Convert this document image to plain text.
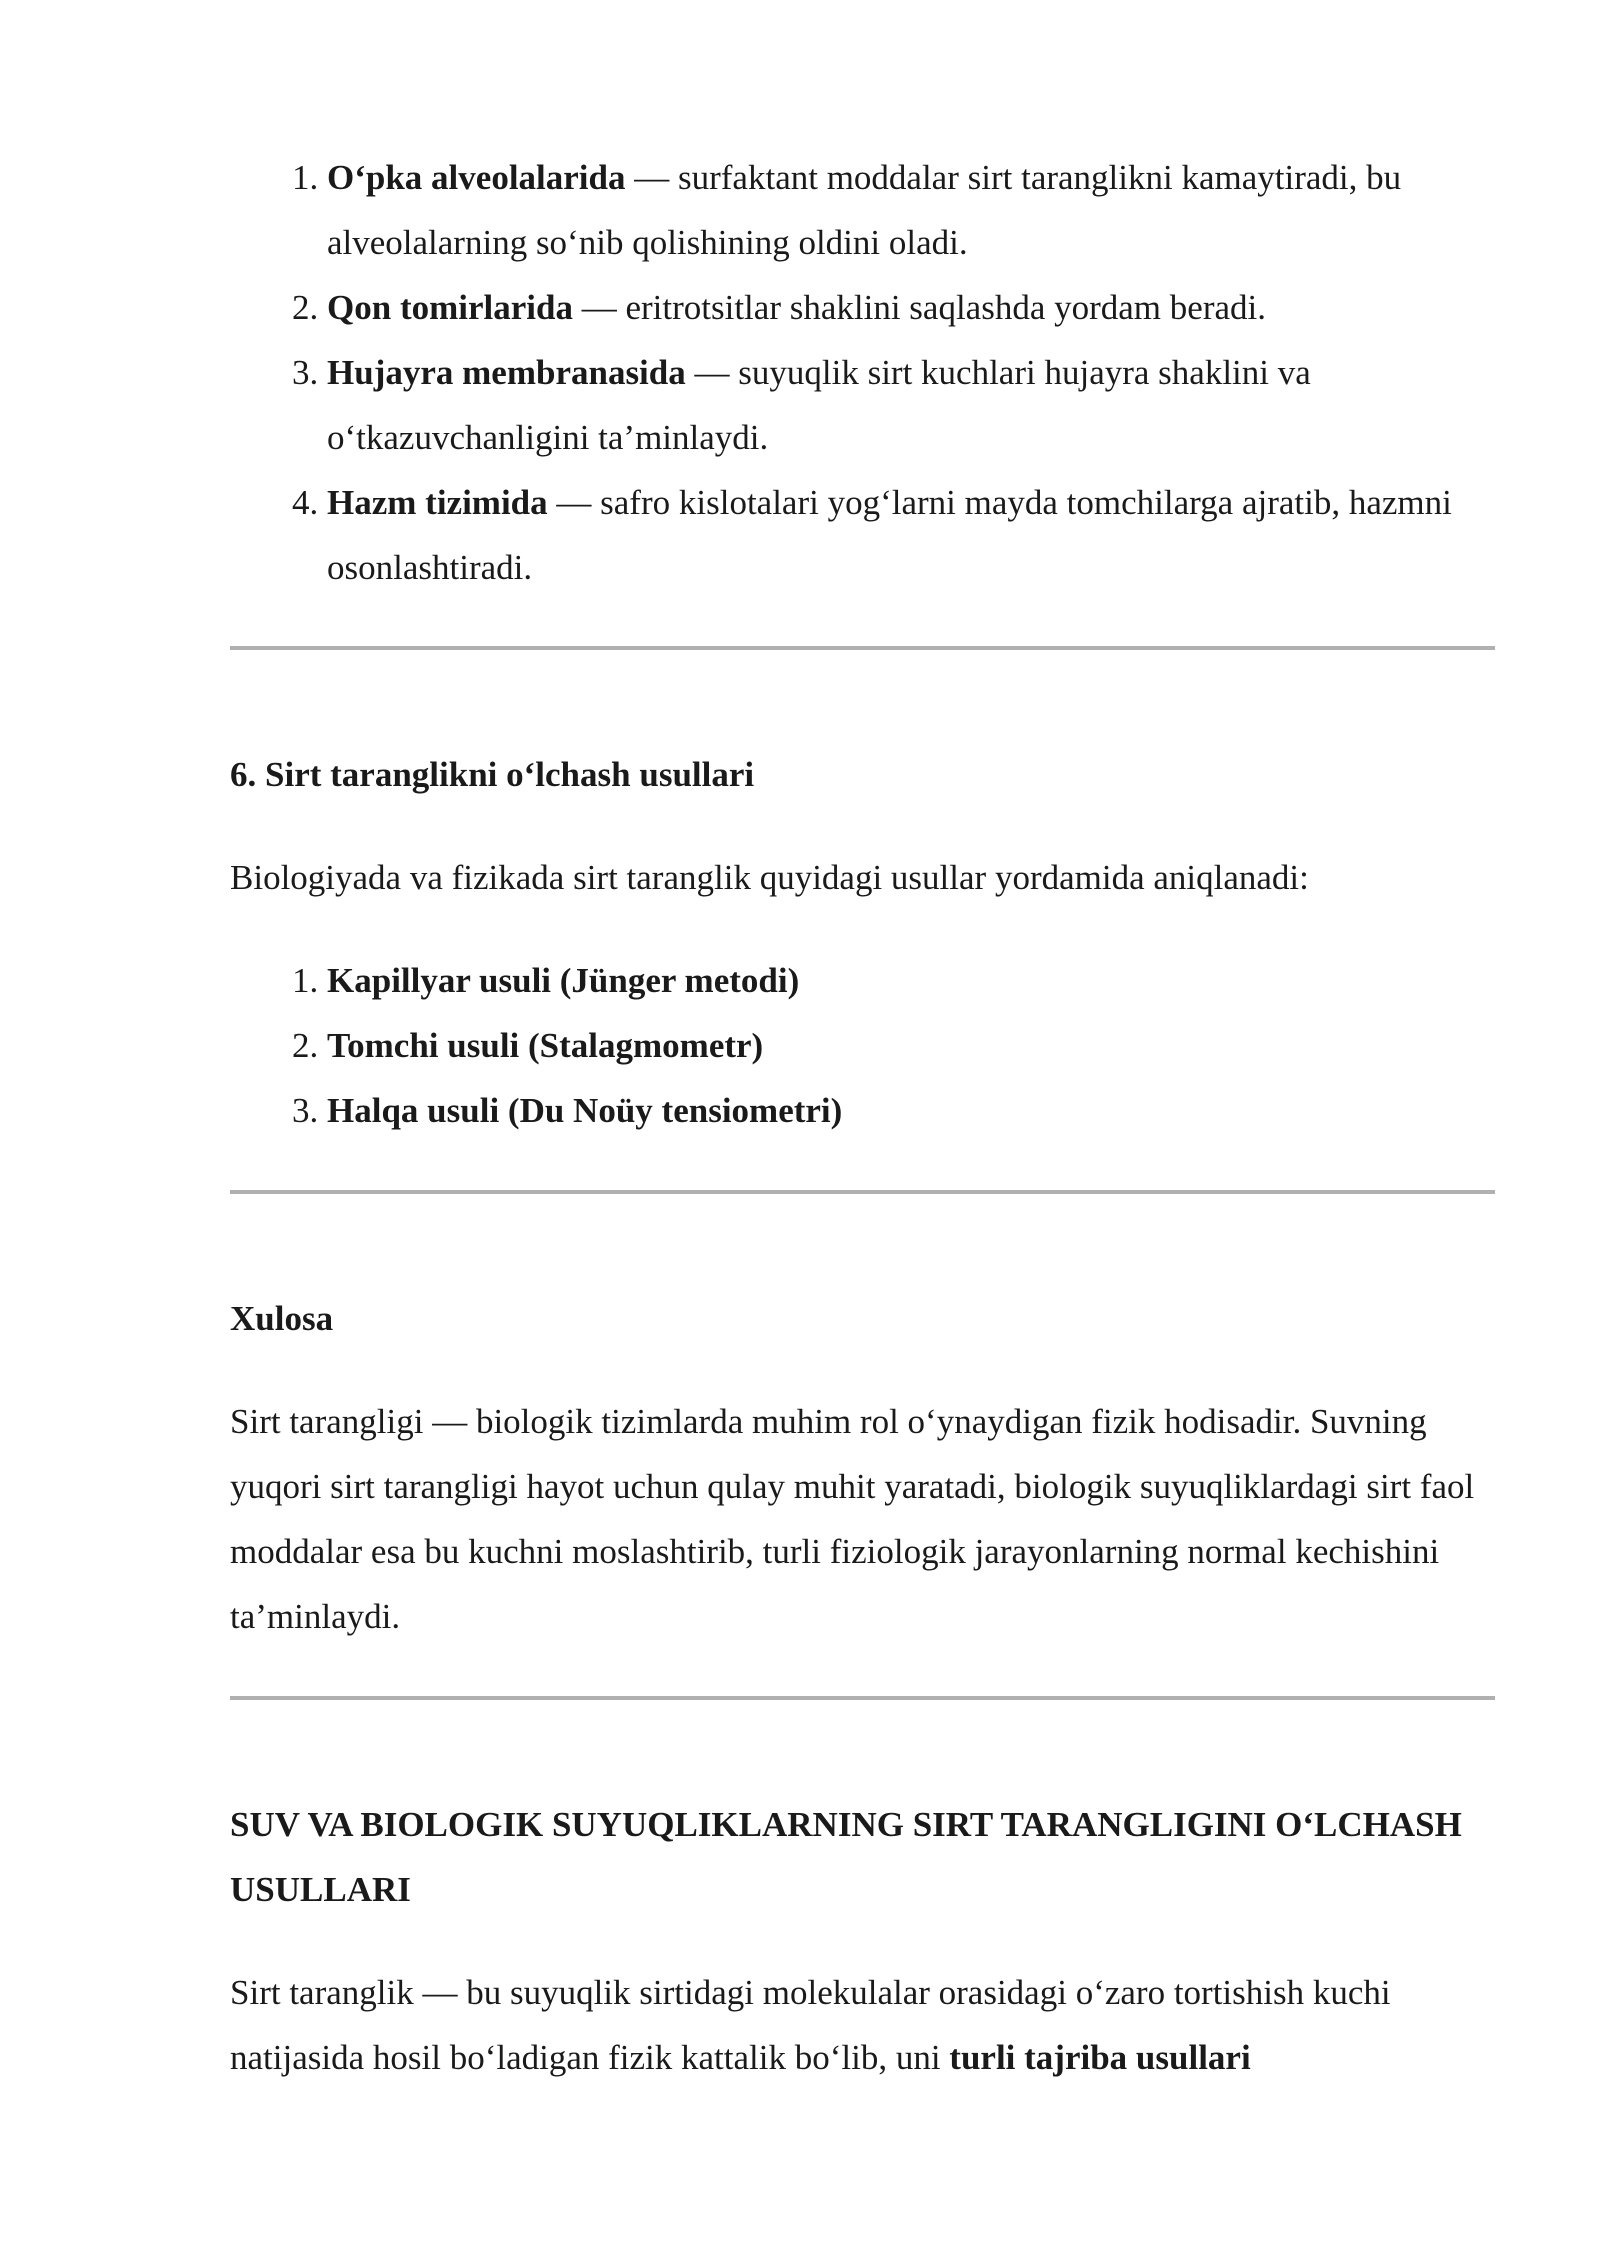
1. O‘pka alveolalarida — surfaktant moddalar sirt taranglikni kamaytiradi, bu alveolalarning so‘nib qolishining oldini oladi.
2. Qon tomirlarida — eritrotsitlar shaklini saqlashda yordam beradi.
3. Hujayra membranasida — suyuqlik sirt kuchlari hujayra shaklini va o‘tkazuvchanligini ta’minlaydi.
4. Hazm tizimida — safro kislotalari yog‘larni mayda tomchilarga ajratib, hazmni osonlashtiradi.

6. Sirt taranglikni o‘lchash usullari

Biologiyada va fizikada sirt taranglik quyidagi usullar yordamida aniqlanadi:

1. Kapillyar usuli (Jünger metodi)
2. Tomchi usuli (Stalagmometr)
3. Halqa usuli (Du Noüy tensiometri)

Xulosa

Sirt tarangligi — biologik tizimlarda muhim rol o‘ynaydigan fizik hodisadir. Suvning yuqori sirt tarangligi hayot uchun qulay muhit yaratadi, biologik suyuqliklardagi sirt faol moddalar esa bu kuchni moslashtirib, turli fiziologik jarayonlarning normal kechishini ta’minlaydi.

SUV VA BIOLOGIK SUYUQLIKLARNING SIRT TARANGLIGINI O‘LCHASH USULLARI

Sirt taranglik — bu suyuqlik sirtidagi molekulalar orasidagi o‘zaro tortishish kuchi natijasida hosil bo‘ladigan fizik kattalik bo‘lib, uni turli tajriba usullari
